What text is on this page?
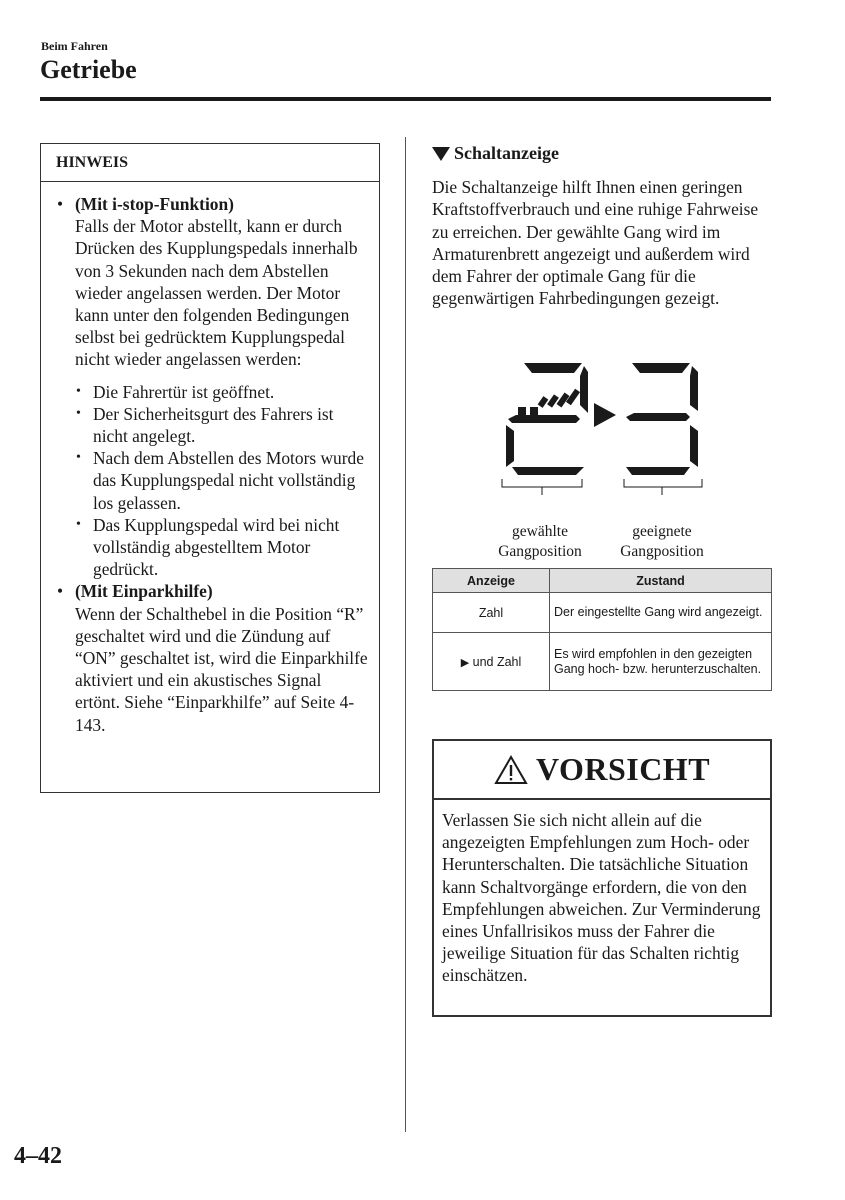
Beim Fahren
Getriebe
HINWEIS
• (Mit i-stop-Funktion)
Falls der Motor abstellt, kann er durch Drücken des Kupplungspedals innerhalb von 3 Sekunden nach dem Abstellen wieder angelassen werden. Der Motor kann unter den folgenden Bedingungen selbst bei gedrücktem Kupplungspedal nicht wieder angelassen werden:
• Die Fahrertür ist geöffnet.
• Der Sicherheitsgurt des Fahrers ist nicht angelegt.
• Nach dem Abstellen des Motors wurde das Kupplungspedal nicht vollständig los gelassen.
• Das Kupplungspedal wird bei nicht vollständig abgestelltem Motor gedrückt.
• (Mit Einparkhilfe)
Wenn der Schalthebel in die Position “R” geschaltet wird und die Zündung auf “ON” geschaltet ist, wird die Einparkhilfe aktiviert und ein akustisches Signal ertönt. Siehe “Einparkhilfe” auf Seite 4-143.
Schaltanzeige
Die Schaltanzeige hilft Ihnen einen geringen Kraftstoffverbrauch und eine ruhige Fahrweise zu erreichen. Der gewählte Gang wird im Armaturenbrett angezeigt und außerdem wird dem Fahrer der optimale Gang für die gegenwärtigen Fahrbedingungen gezeigt.
gewählte
Gangposition
geeignete
Gangposition
Anzeige	Zustand
Zahl	Der eingestellte Gang wird angezeigt.
▶ und Zahl	Es wird empfohlen in den gezeigten Gang hoch- bzw. herunterzuschalten.
VORSICHT
Verlassen Sie sich nicht allein auf die angezeigten Empfehlungen zum Hoch- oder Herunterschalten. Die tatsächliche Situation kann Schaltvorgänge erfordern, die von den Empfehlungen abweichen. Zur Verminderung eines Unfallrisikos muss der Fahrer die jeweilige Situation für das Schalten richtig einschätzen.
4–42
